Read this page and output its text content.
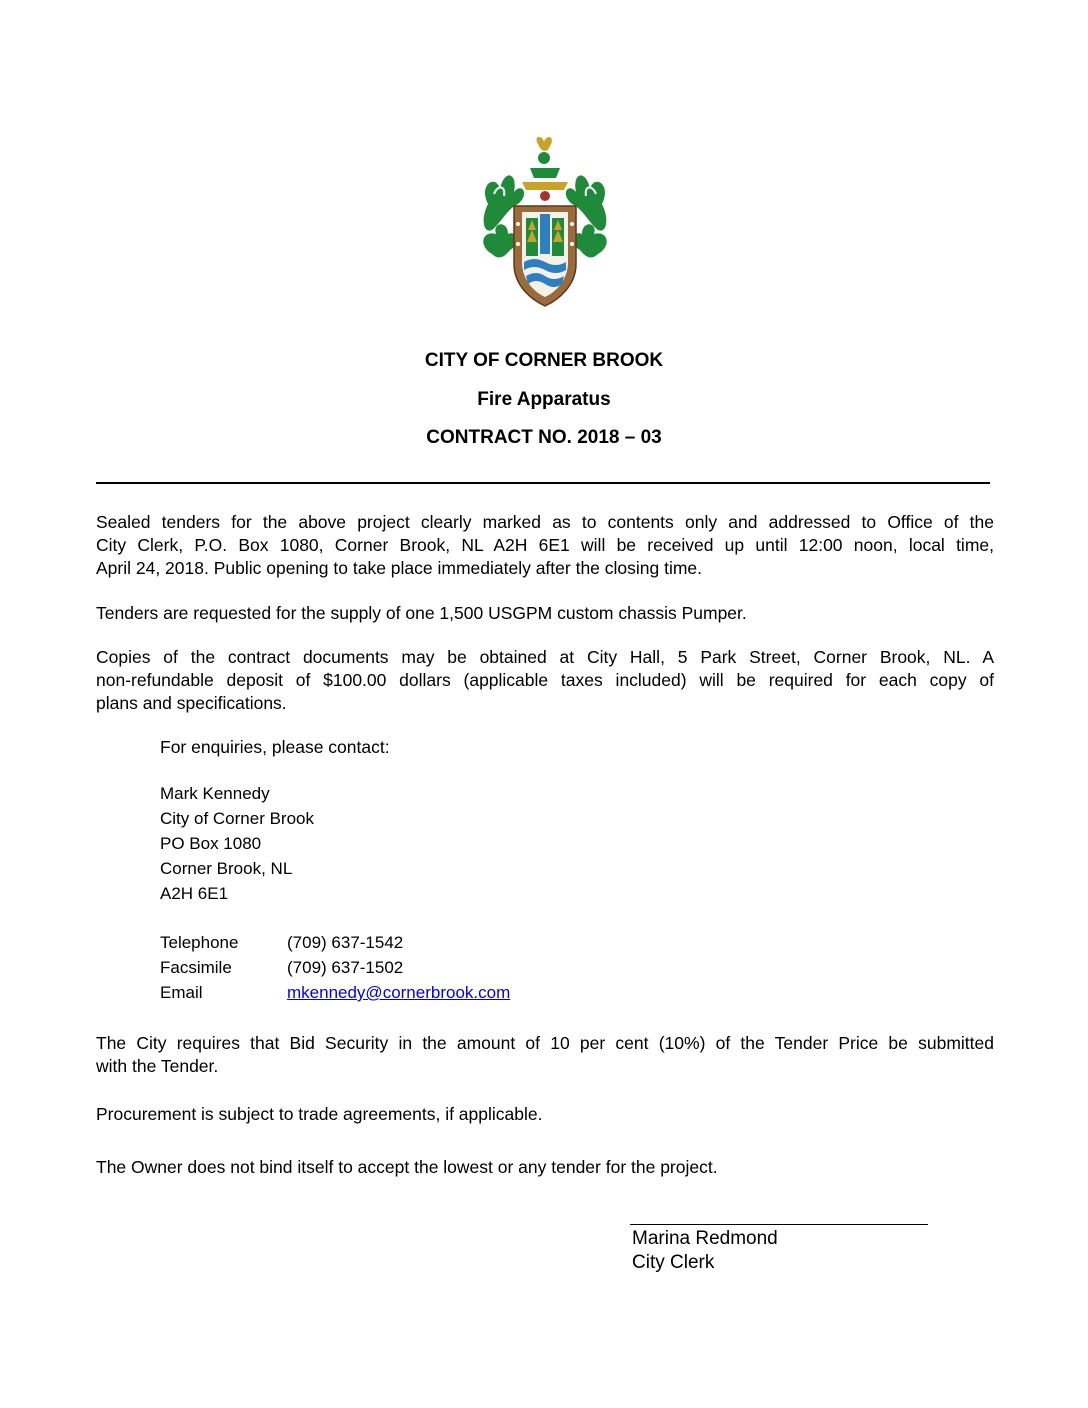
CITY OF CORNER BROOK
Fire Apparatus
CONTRACT NO. 2018 – 03
Sealed tenders for the above project clearly marked as to contents only and addressed to Office of the
City Clerk, P.O. Box 1080, Corner Brook, NL A2H 6E1 will be received up until 12:00 noon, local time,
April 24, 2018. Public opening to take place immediately after the closing time.
Tenders are requested for the supply of one 1,500 USGPM custom chassis Pumper.
Copies of the contract documents may be obtained at City Hall, 5 Park Street, Corner Brook, NL. A
non-refundable deposit of $100.00 dollars (applicable taxes included) will be required for each copy of
plans and specifications.
For enquiries, please contact:
Mark Kennedy
City of Corner Brook
PO Box 1080
Corner Brook, NL
A2H 6E1
Telephone	(709) 637-1542
Facsimile	(709) 637-1502
Email	mkennedy@cornerbrook.com
The City requires that Bid Security in the amount of 10 per cent (10%) of the Tender Price be submitted
with the Tender.
Procurement is subject to trade agreements, if applicable.
The Owner does not bind itself to accept the lowest or any tender for the project.
Marina Redmond
City Clerk
